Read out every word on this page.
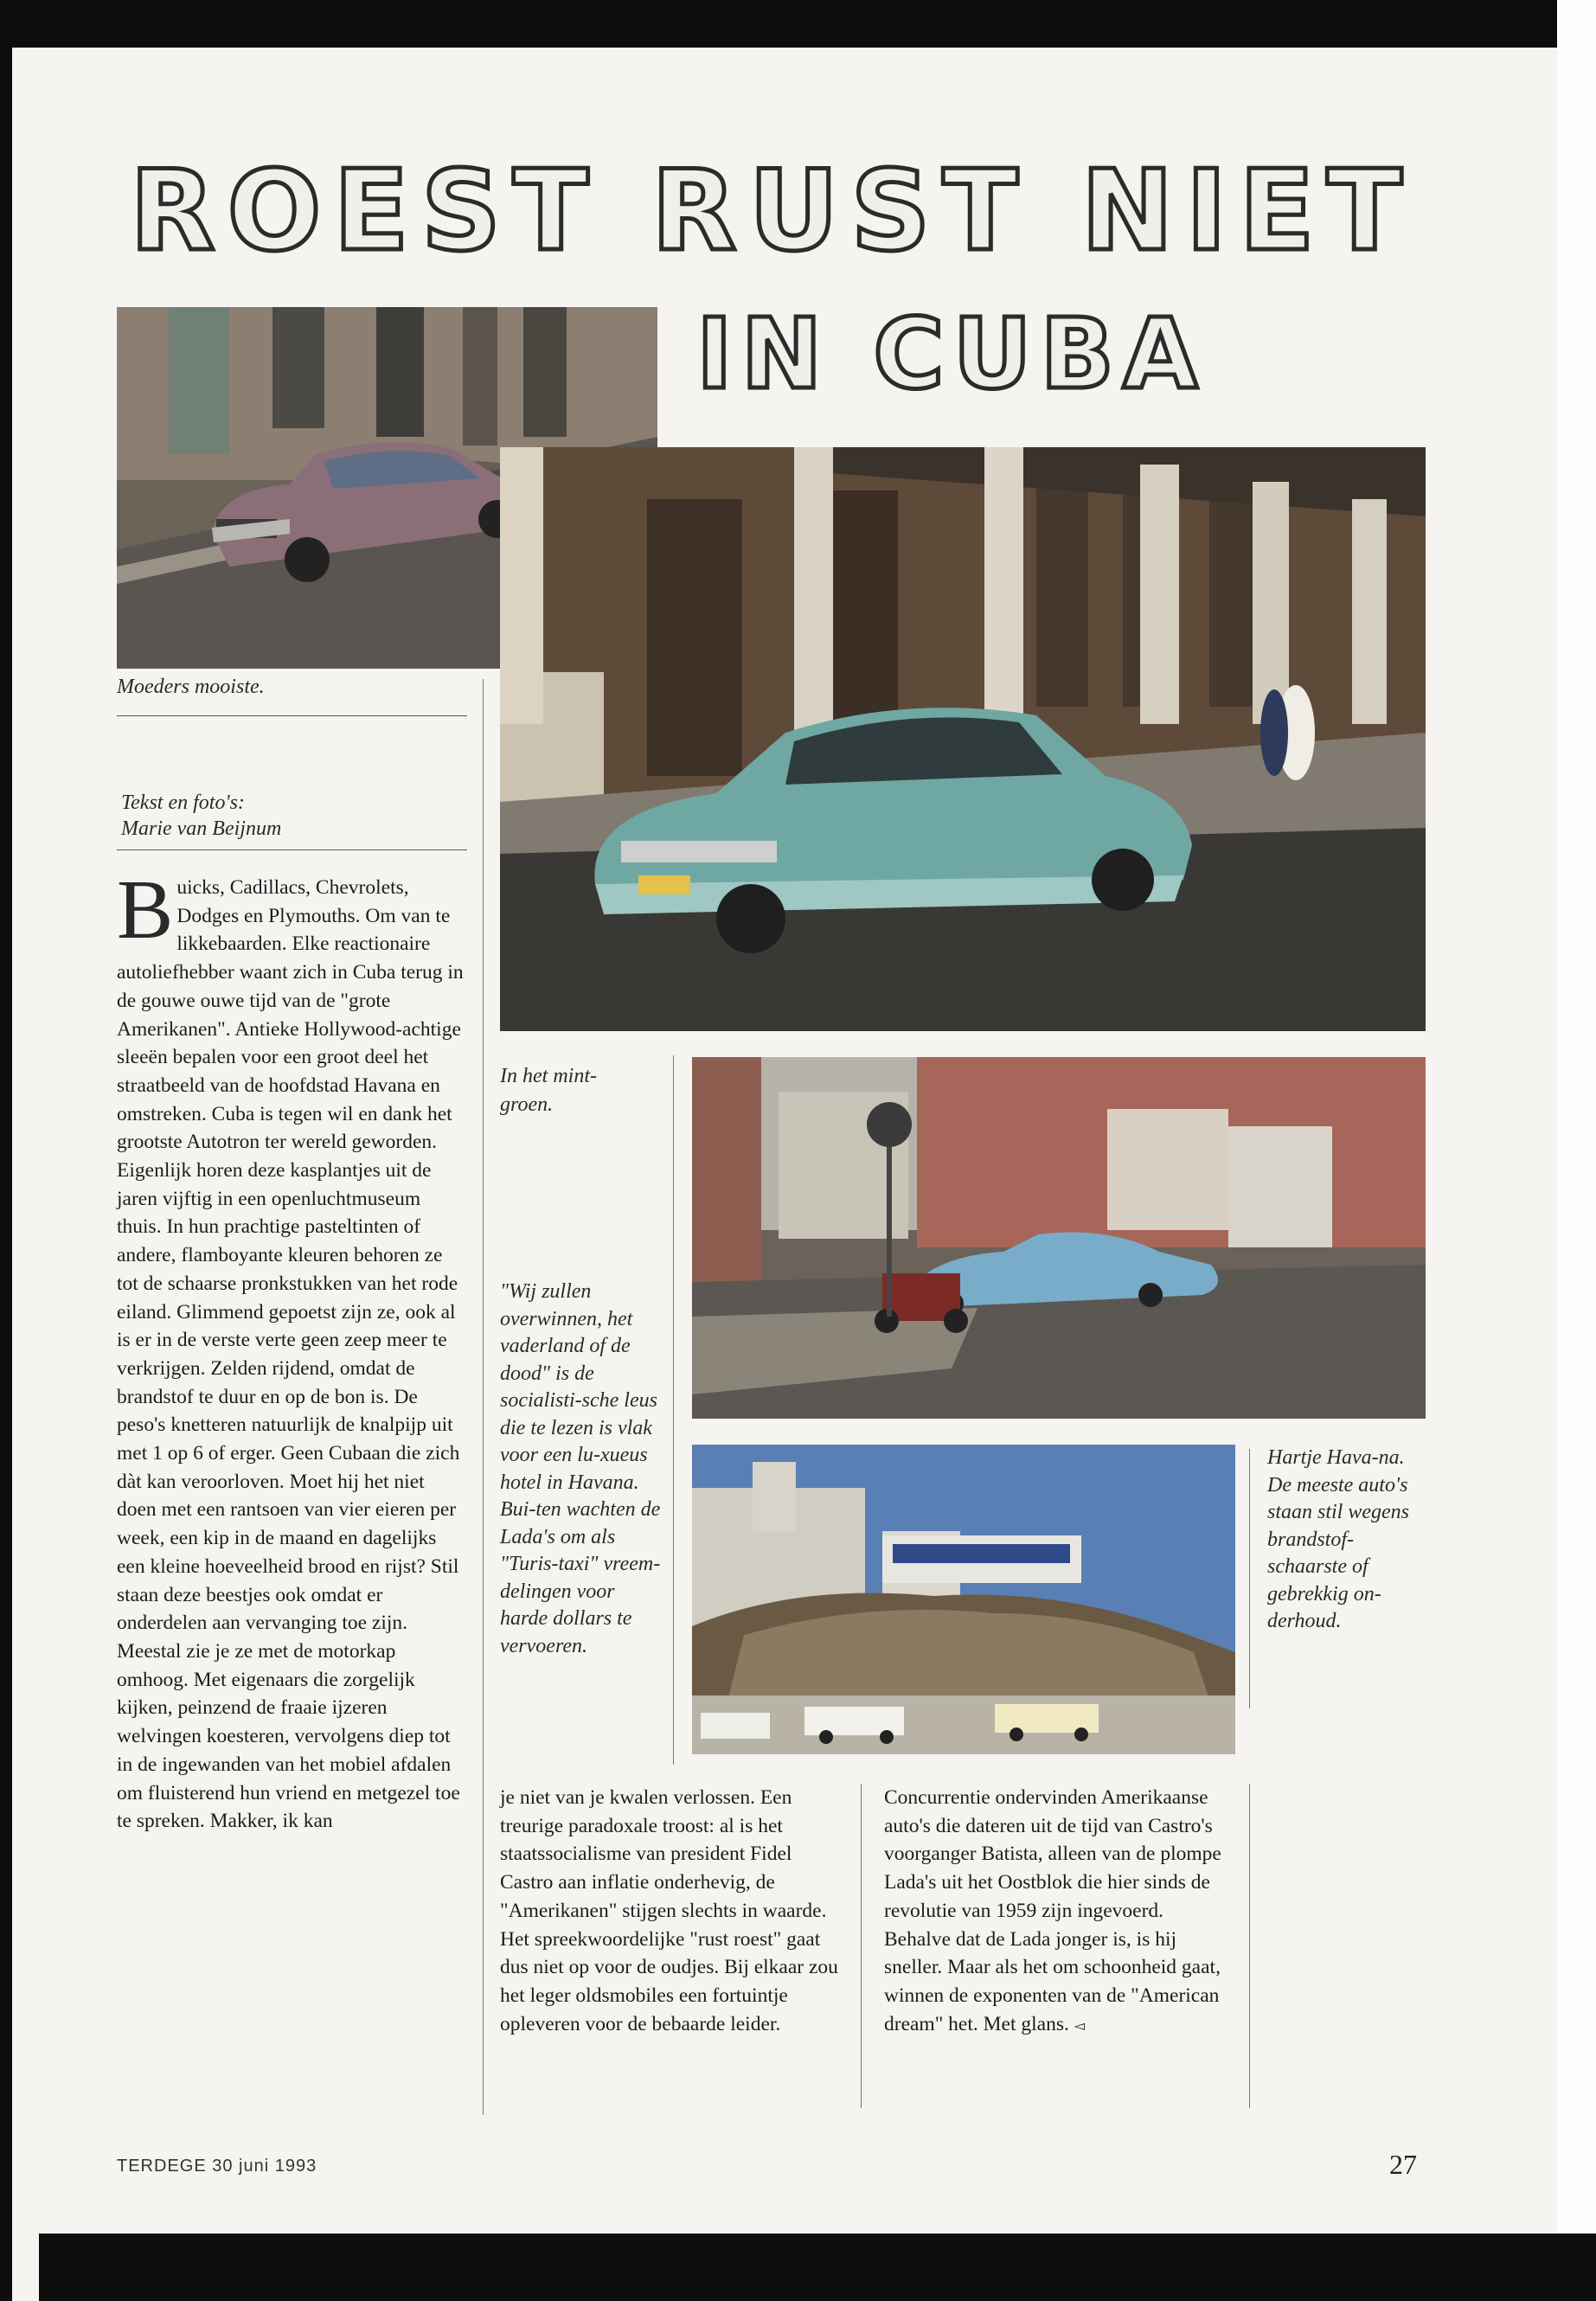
ROEST RUST NIET
IN CUBA
Moeders mooiste.
Tekst en foto's:
Marie van Beijnum
In het mint-groen.
"Wij zullen overwinnen, het vaderland of de dood" is de socialisti-sche leus die te lezen is vlak voor een lu-xueus hotel in Havana. Bui-ten wachten de Lada's om als "Turis-taxi" vreem-delingen voor harde dollars te vervoeren.
Hartje Hava-na. De meeste auto's staan stil wegens brandstof-schaarste of gebrekkig on-derhoud.
Buicks, Cadillacs, Chevrolets, Dodges en Plymouths. Om van te likkebaarden. Elke reactionaire autoliefhebber waant zich in Cuba terug in de gouwe ouwe tijd van de "grote Amerikanen". Antieke Hollywood-achtige sleeën bepalen voor een groot deel het straatbeeld van de hoofdstad Havana en omstreken. Cuba is tegen wil en dank het grootste Autotron ter wereld geworden. Eigenlijk horen deze kasplantjes uit de jaren vijftig in een openluchtmuseum thuis. In hun prachtige pasteltinten of andere, flamboyante kleuren behoren ze tot de schaarse pronkstukken van het rode eiland. Glimmend gepoetst zijn ze, ook al is er in de verste verte geen zeep meer te verkrijgen. Zelden rijdend, omdat de brandstof te duur en op de bon is. De peso's knetteren natuurlijk de knalpijp uit met 1 op 6 of erger. Geen Cubaan die zich dàt kan veroorloven. Moet hij het niet doen met een rantsoen van vier eieren per week, een kip in de maand en dagelijks een kleine hoeveelheid brood en rijst? Stil staan deze beestjes ook omdat er onderdelen aan vervanging toe zijn. Meestal zie je ze met de motorkap omhoog. Met eigenaars die zorgelijk kijken, peinzend de fraaie ijzeren welvingen koesteren, vervolgens diep tot in de ingewanden van het mobiel afdalen om fluisterend hun vriend en metgezel toe te spreken. Makker, ik kan
je niet van je kwalen verlossen. Een treurige paradoxale troost: al is het staatssocialisme van president Fidel Castro aan inflatie onderhevig, de "Amerikanen" stijgen slechts in waarde. Het spreekwoordelijke "rust roest" gaat dus niet op voor de oudjes. Bij elkaar zou het leger oldsmobiles een fortuintje opleveren voor de bebaarde leider.
Concurrentie ondervinden Amerikaanse auto's die dateren uit de tijd van Castro's voorganger Batista, alleen van de plompe Lada's uit het Oostblok die hier sinds de revolutie van 1959 zijn ingevoerd. Behalve dat de Lada jonger is, is hij sneller. Maar als het om schoonheid gaat, winnen de exponenten van de "American dream" het. Met glans. ◅
TERDEGE 30 juni 1993	27
